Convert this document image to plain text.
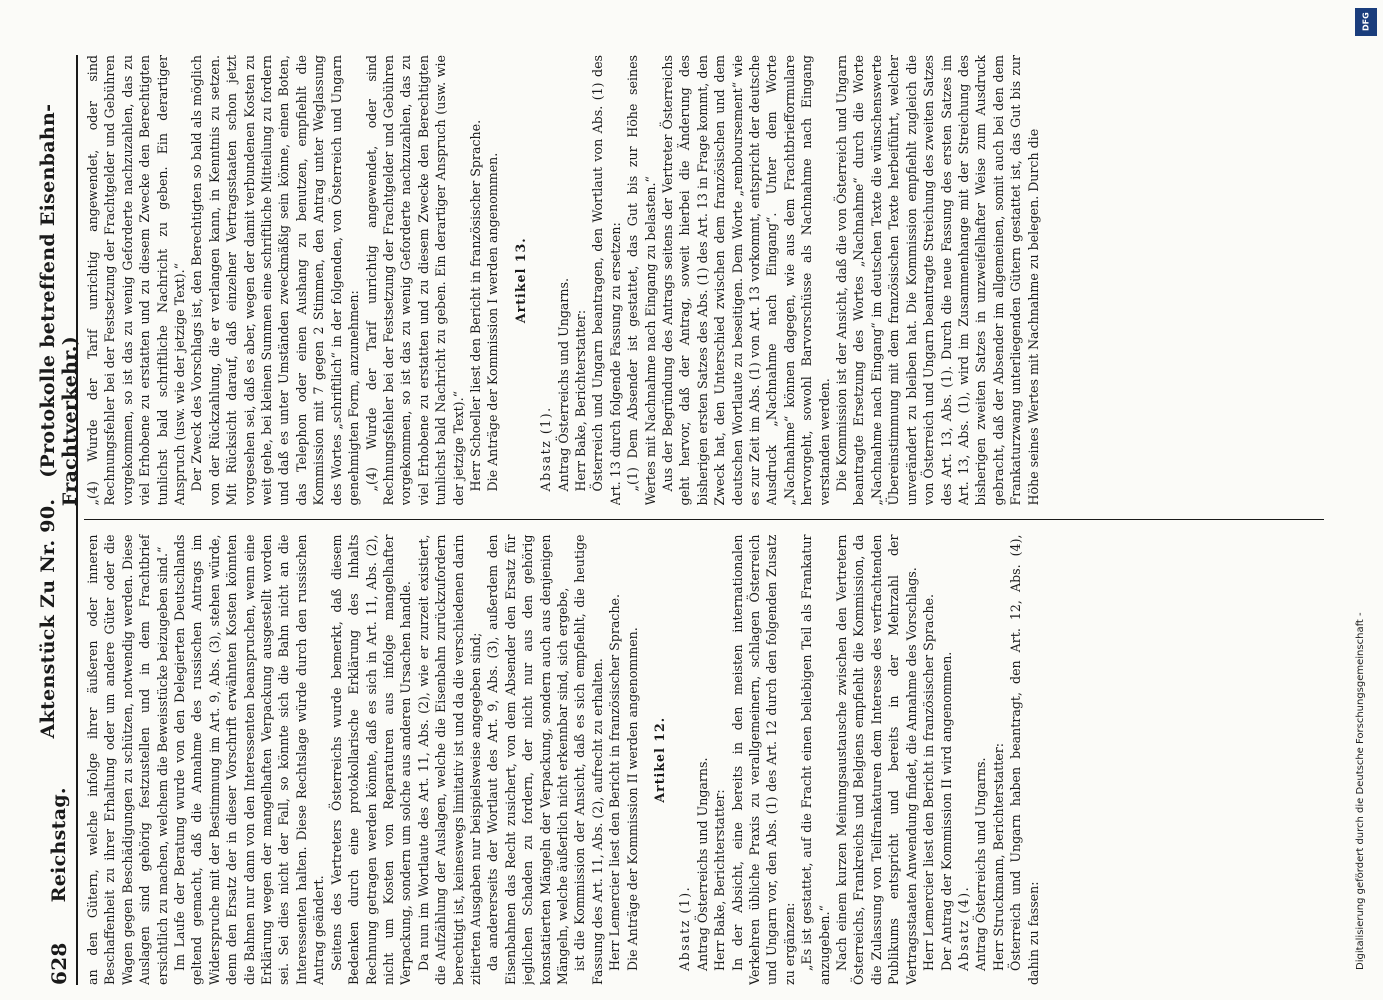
628
Reichstag.
Aktenstück Zu Nr. 90. (Protokolle betreffend Eisenbahn-Frachtverkehr.)

an den Gütern, welche infolge ihrer äußeren oder inneren Beschaffenheit zu ihrer Erhaltung oder um andere Güter oder die Wagen gegen Beschädigungen zu schützen, notwendig werden. Diese Auslagen sind gehörig festzustellen und in dem Frachtbrief ersichtlich zu machen, welchem die Beweisstücke beizugeben sind.“ Im Laufe der Beratung wurde von den Delegierten Deutschlands geltend gemacht, daß die Annahme des russischen Antrags im Widerspruche mit der Bestimmung im Art. 9, Abs. (3), stehen würde, denn den Ersatz der in dieser Vorschrift erwähnten Kosten könnten die Bahnen nur dann von den Interessenten beanspruchen, wenn eine Erklärung wegen der mangelhaften Verpackung ausgestellt worden sei. Sei dies nicht der Fall, so könnte sich die Bahn nicht an die Interessenten halten. Diese Rechtslage würde durch den russischen Antrag geändert. Seitens des Vertreters Österreichs wurde bemerkt, daß diesem Bedenken durch eine protokollarische Erklärung des Inhalts Rechnung getragen werden könnte, daß es sich in Art. 11, Abs. (2), nicht um Kosten von Reparaturen aus infolge mangelhafter Verpackung, sondern um solche aus anderen Ursachen handle. Da nun im Wortlaute des Art. 11, Abs. (2), wie er zurzeit existiert, die Aufzählung der Auslagen, welche die Eisenbahn zurückzufordern berechtigt ist, keineswegs limitativ ist und da die verschiedenen darin zitierten Ausgaben nur beispielsweise angegeben sind; da andererseits der Wortlaut des Art. 9, Abs. (3), außerdem den Eisenbahnen das Recht zusichert, von dem Absender den Ersatz für jeglichen Schaden zu fordern, der nicht nur aus den gehörig konstatierten Mängeln der Verpackung, sondern auch aus denjenigen Mängeln, welche äußerlich nicht erkennbar sind, sich ergebe, ist die Kommission der Ansicht, daß es sich empfiehlt, die heutige Fassung des Art. 11, Abs. (2), aufrecht zu erhalten. Herr Lemercier liest den Bericht in französischer Sprache. Die Anträge der Kommission II werden angenommen. Artikel 12.

Absatz (1). Antrag Österreichs und Ungarns. Herr Bake, Berichterstatter: In der Absicht, eine bereits in den meisten internationalen Verkehren übliche Praxis zu verallgemeinern, schlagen Österreich und Ungarn vor, den Abs. (1) des Art. 12 durch den folgenden Zusatz zu ergänzen: „Es ist gestattet, auf die Fracht einen beliebigen Teil als Frankatur anzugeben.“ Nach einem kurzen Meinungsaustausche zwischen den Vertretern Österreichs, Frankreichs und Belgiens empfiehlt die Kommission, da die Zulassung von Teilfrankaturen dem Interesse des verfrachtenden Publikums entspricht und bereits in der Mehrzahl der Vertragsstaaten Anwendung findet, die Annahme des Vorschlags. Herr Lemercier liest den Bericht in französischer Sprache. Der Antrag der Kommission II wird angenommen. Absatz (4). Antrag Österreichs und Ungarns. Herr Struckmann, Berichterstatter: Österreich und Ungarn haben beantragt, den Art. 12, Abs. (4), dahin zu fassen:

„(4) Wurde der Tarif unrichtig angewendet, oder sind Rechnungsfehler bei der Festsetzung der Frachtgelder und Gebühren vorgekommen, so ist das zu wenig Geforderte nachzuzahlen, das zu viel Erhobene zu erstatten und zu diesem Zwecke den Berechtigten tunlichst bald schriftliche Nachricht zu geben. Ein derartiger Anspruch (usw. wie der jetzige Text).“ Der Zweck des Vorschlags ist, den Berechtigten so bald als möglich von der Rückzahlung, die er verlangen kann, in Kenntnis zu setzen. Mit Rücksicht darauf, daß einzelner Vertragsstaaten schon jetzt vorgesehen sei, daß es aber, wegen der damit verbundenen Kosten zu weit gehe, bei kleinen Summen eine schriftliche Mitteilung zu fordern und daß es unter Umständen zweckmäßig sein könne, einen Boten, das Telephon oder einen Aushang zu benutzen, empfiehlt die Kommission mit 7 gegen 2 Stimmen, den Antrag unter Weglassung des Wortes „schriftlich“ in der folgenden, von Österreich und Ungarn genehmigten Form, anzunehmen: „(4) Wurde der Tarif unrichtig angewendet, oder sind Rechnungsfehler bei der Festsetzung der Frachtgelder und Gebühren vorgekommen, so ist das zu wenig Geforderte nachzuzahlen, das zu viel Erhobene zu erstatten und zu diesem Zwecke den Berechtigten tunlichst bald Nachricht zu geben. Ein derartiger Anspruch (usw. wie der jetzige Text).“ Herr Schoeller liest den Bericht in französischer Sprache. Die Anträge der Kommission I werden angenommen. Artikel 13.

Absatz (1). Antrag Österreichs und Ungarns. Herr Bake, Berichterstatter: Österreich und Ungarn beantragen, den Wortlaut von Abs. (1) des Art. 13 durch folgende Fassung zu ersetzen: „(1) Dem Absender ist gestattet, das Gut bis zur Höhe seines Wertes mit Nachnahme nach Eingang zu belasten.“ Aus der Begründung des Antrags seitens der Vertreter Österreichs geht hervor, daß der Antrag, soweit hierbei die Änderung des bisherigen ersten Satzes des Abs. (1) des Art. 13 in Frage kommt, den Zweck hat, den Unterschied zwischen dem französischen und dem deutschen Wortlaute zu beseitigen. Dem Worte „remboursement“ wie es zur Zeit im Abs. (1) von Art. 13 vorkommt, entspricht der deutsche Ausdruck „Nachnahme nach Eingang“. Unter dem Worte „Nachnahme“ können dagegen, wie aus dem Frachtbriefformulare hervorgeht, sowohl Barvorschüsse als Nachnahme nach Eingang verstanden werden. Die Kommission ist der Ansicht, daß die von Österreich und Ungarn beantragte Ersetzung des Wortes „Nachnahme“ durch die Worte „Nachnahme nach Eingang“ im deutschen Texte die wünschenswerte Übereinstimmung mit dem französischen Texte herbeiführt, welcher unverändert zu bleiben hat. Die Kommission empfiehlt zugleich die von Österreich und Ungarn beantragte Streichung des zweiten Satzes des Art. 13, Abs. (1). Durch die neue Fassung des ersten Satzes im Art. 13, Abs. (1), wird im Zusammenhange mit der Streichung des bisherigen zweiten Satzes in unzweifelhafter Weise zum Ausdruck gebracht, daß der Absender im allgemeinen, somit auch bei den dem Frankaturzwang unterliegenden Gütern gestattet ist, das Gut bis zur Höhe seines Wertes mit Nachnahme zu belegen. Durch die

DFG
Digitalisierung gefördert durch die Deutsche Forschungsgemeinschaft -
